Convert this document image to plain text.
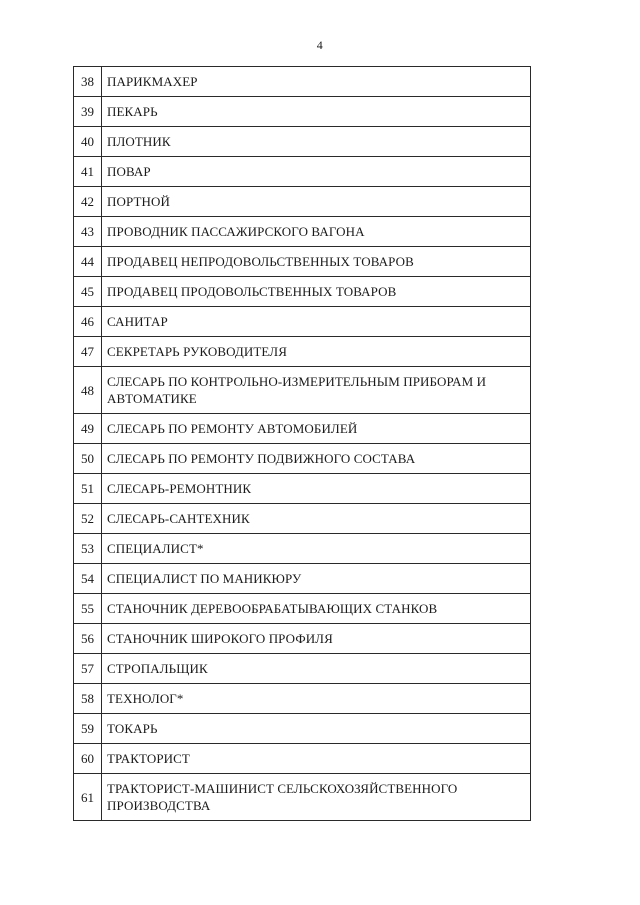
4
38	ПАРИКМАХЕР
39	ПЕКАРЬ
40	ПЛОТНИК
41	ПОВАР
42	ПОРТНОЙ
43	ПРОВОДНИК ПАССАЖИРСКОГО ВАГОНА
44	ПРОДАВЕЦ НЕПРОДОВОЛЬСТВЕННЫХ ТОВАРОВ
45	ПРОДАВЕЦ ПРОДОВОЛЬСТВЕННЫХ ТОВАРОВ
46	САНИТАР
47	СЕКРЕТАРЬ РУКОВОДИТЕЛЯ
48	СЛЕСАРЬ ПО КОНТРОЛЬНО-ИЗМЕРИТЕЛЬНЫМ ПРИБОРАМ И АВТОМАТИКЕ
49	СЛЕСАРЬ ПО РЕМОНТУ АВТОМОБИЛЕЙ
50	СЛЕСАРЬ ПО РЕМОНТУ ПОДВИЖНОГО СОСТАВА
51	СЛЕСАРЬ-РЕМОНТНИК
52	СЛЕСАРЬ-САНТЕХНИК
53	СПЕЦИАЛИСТ*
54	СПЕЦИАЛИСТ ПО МАНИКЮРУ
55	СТАНОЧНИК ДЕРЕВООБРАБАТЫВАЮЩИХ СТАНКОВ
56	СТАНОЧНИК ШИРОКОГО ПРОФИЛЯ
57	СТРОПАЛЬЩИК
58	ТЕХНОЛОГ*
59	ТОКАРЬ
60	ТРАКТОРИСТ
61	ТРАКТОРИСТ-МАШИНИСТ СЕЛЬСКОХОЗЯЙСТВЕННОГО ПРОИЗВОДСТВА
